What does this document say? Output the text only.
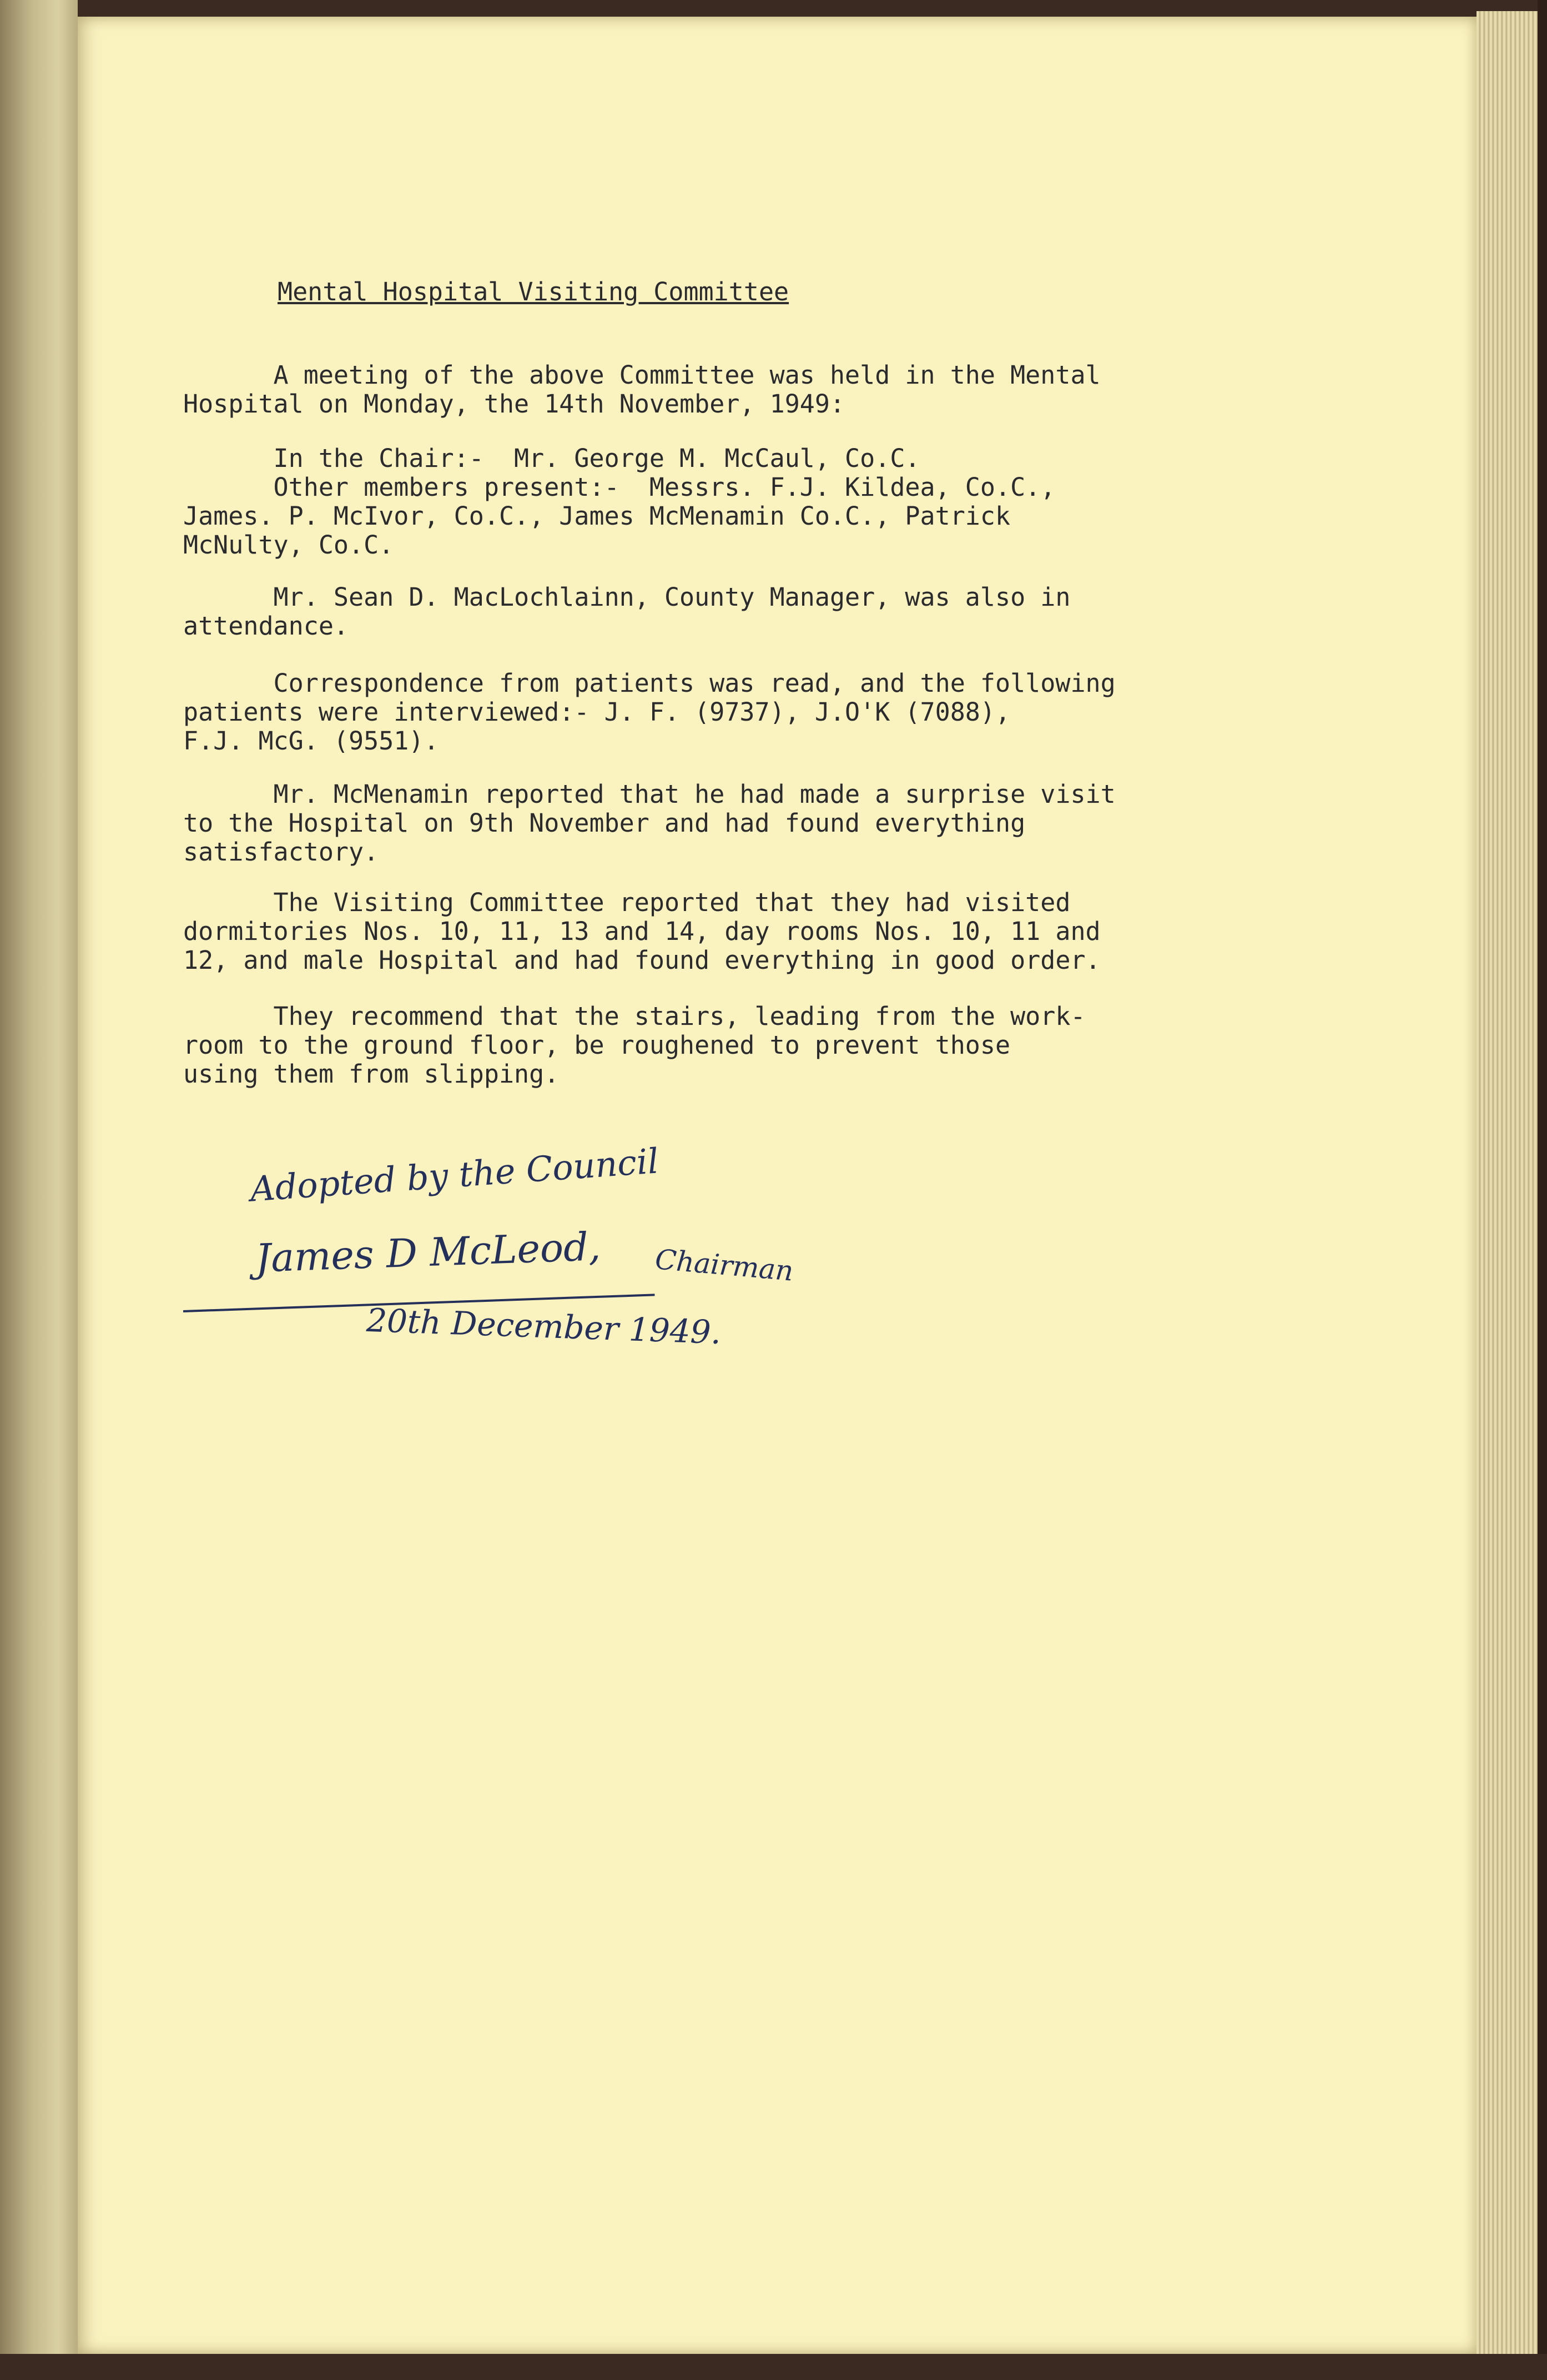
Mental Hospital Visiting Committee
A meeting of the above Committee was held in the Mental
Hospital on Monday, the 14th November, 1949:
In the Chair:-  Mr. George M. McCaul, Co.C.
Other members present:-  Messrs. F.J. Kildea, Co.C.,
James. P. McIvor, Co.C., James McMenamin Co.C., Patrick
McNulty, Co.C.
Mr. Sean D. MacLochlainn, County Manager, was also in
attendance.
Correspondence from patients was read, and the following
patients were interviewed:- J. F. (9737), J.O'K (7088),
F.J. McG. (9551).
Mr. McMenamin reported that he had made a surprise visit
to the Hospital on 9th November and had found everything
satisfactory.
The Visiting Committee reported that they had visited
dormitories Nos. 10, 11, 13 and 14, day rooms Nos. 10, 11 and
12, and male Hospital and had found everything in good order.
They recommend that the stairs, leading from the work-
room to the ground floor, be roughened to prevent those
using them from slipping.
Adopted by the Council
James D McLeod, Chairman
20th December 1949.
